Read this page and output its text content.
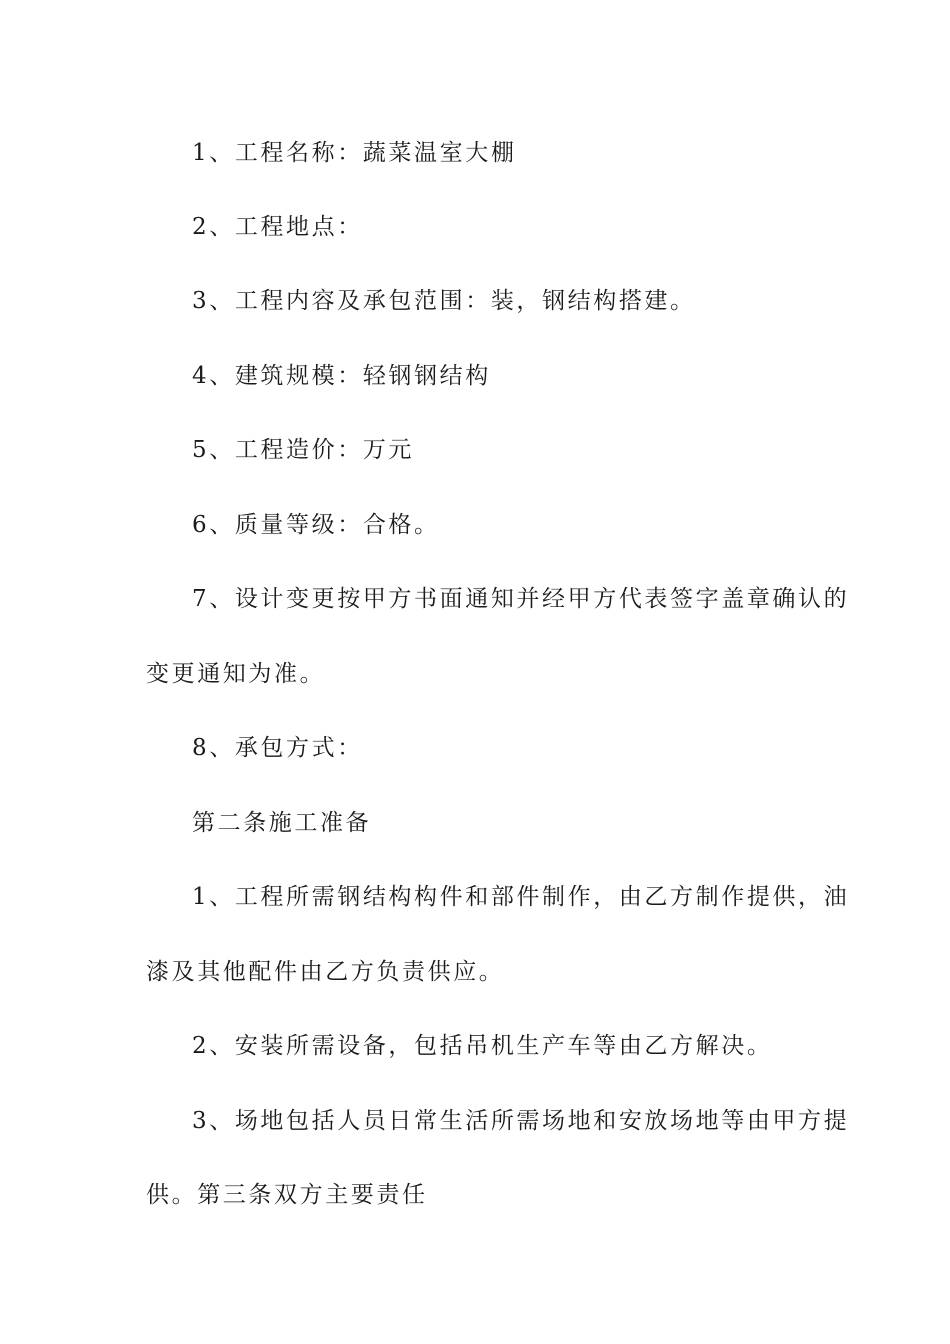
1、工程名称：蔬菜温室大棚
2、工程地点：
3、工程内容及承包范围：装，钢结构搭建。
4、建筑规模：轻钢钢结构
5、工程造价：万元
6、质量等级：合格。
7、设计变更按甲方书面通知并经甲方代表签字盖章确认的
变更通知为准。
8、承包方式：
第二条施工准备
1、工程所需钢结构构件和部件制作，由乙方制作提供，油
漆及其他配件由乙方负责供应。
2、安装所需设备，包括吊机生产车等由乙方解决。
3、场地包括人员日常生活所需场地和安放场地等由甲方提
供。第三条双方主要责任
